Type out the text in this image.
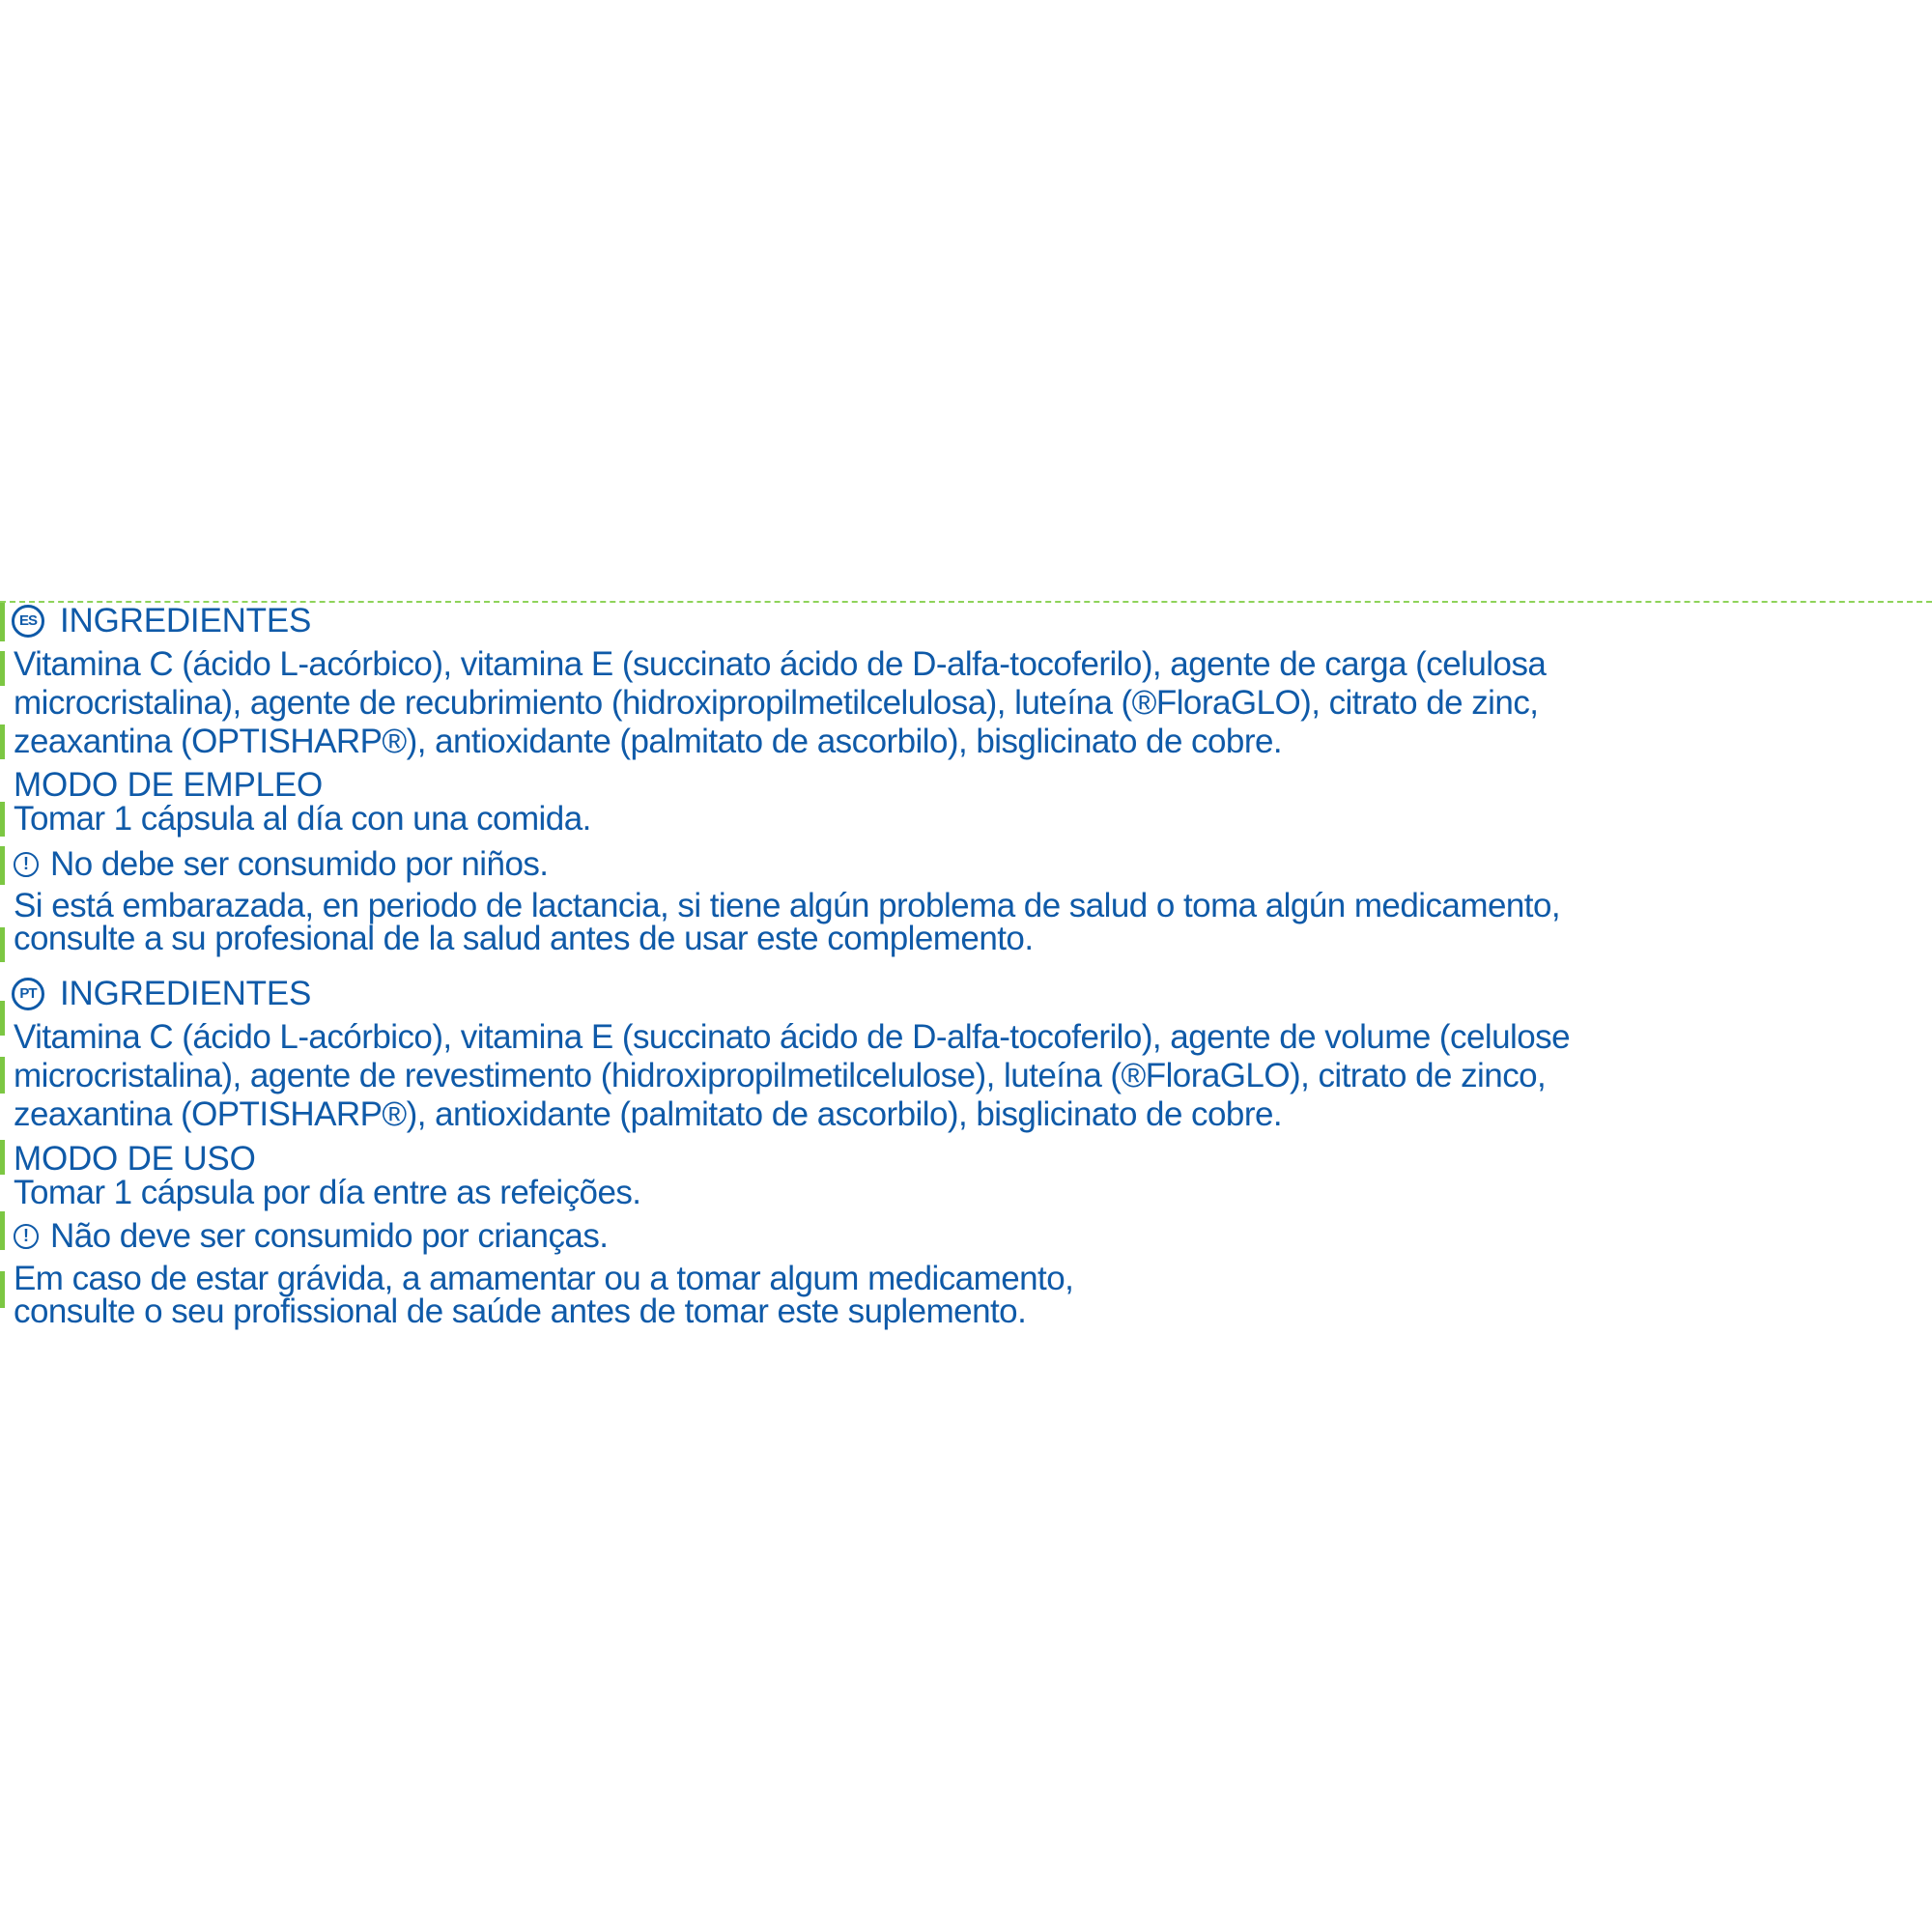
ES INGREDIENTES
Vitamina C (ácido L-acórbico), vitamina E (succinato ácido de D-alfa-tocoferilo), agente de carga (celulosa
microcristalina), agente de recubrimiento (hidroxipropilmetilcelulosa), luteína (®FloraGLO), citrato de zinc,
zeaxantina (OPTISHARP®), antioxidante (palmitato de ascorbilo), bisglicinato de cobre.
MODO DE EMPLEO
Tomar 1 cápsula al día con una comida.
! No debe ser consumido por niños.
Si está embarazada, en periodo de lactancia, si tiene algún problema de salud o toma algún medicamento,
consulte a su profesional de la salud antes de usar este complemento.
PT INGREDIENTES
Vitamina C (ácido L-acórbico), vitamina E (succinato ácido de D-alfa-tocoferilo), agente de volume (celulose
microcristalina), agente de revestimento (hidroxipropilmetilcelulose), luteína (®FloraGLO), citrato de zinco,
zeaxantina (OPTISHARP®), antioxidante (palmitato de ascorbilo), bisglicinato de cobre.
MODO DE USO
Tomar 1 cápsula por día entre as refeições.
! Não deve ser consumido por crianças.
Em caso de estar grávida, a amamentar ou a tomar algum medicamento,
consulte o seu profissional de saúde antes de tomar este suplemento.
